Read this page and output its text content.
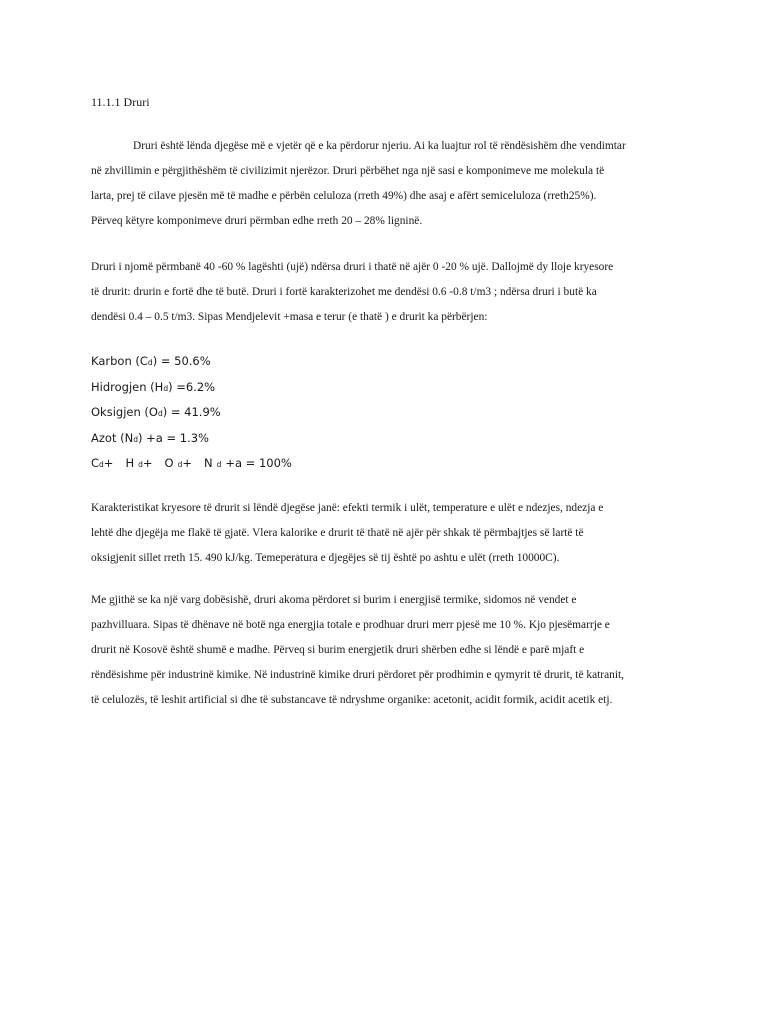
11.1.1 Druri

Druri është lënda djegëse më e vjetër që e ka përdorur njeriu. Ai ka luajtur rol të rëndësishëm dhe vendimtar
në zhvillimin e përgjithëshëm të civilizimit njerëzor. Druri përbëhet nga një sasi e komponimeve me molekula të
larta, prej të cilave pjesën më të madhe e përbën celuloza (rreth 49%) dhe asaj e afërt semiceluloza (rreth25%).
Përveq këtyre komponimeve druri përmban edhe rreth 20 – 28% ligninë.

Druri i njomë përmbanë 40 -60 % lagështi (ujë) ndërsa druri i thatë në ajër 0 -20 % ujë. Dallojmë dy lloje kryesore
të drurit: drurin e fortë dhe të butë. Druri i fortë karakterizohet me dendësi 0.6 -0.8 t/m3 ; ndërsa druri i butë ka
dendësi 0.4 – 0.5 t/m3. Sipas Mendjelevit +masa e terur (e thatë ) e drurit ka përbërjen:

Karbon (Cd) = 50.6%
Hidrogjen (Hd) =6.2%
Oksigjen (Od) = 41.9%
Azot (Nd) +a = 1.3%
Cd+ H d+ O d+ N d +a = 100%

Karakteristikat kryesore të drurit si lëndë djegëse janë: efekti termik i ulët, temperature e ulët e ndezjes, ndezja e
lehtë dhe djegëja me flakë të gjatë. Vlera kalorike e drurit të thatë në ajër për shkak të përmbajtjes së lartë të
oksigjenit sillet rreth 15. 490 kJ/kg. Temeperatura e djegëjes së tij është po ashtu e ulët (rreth 10000C).

Me gjithë se ka një varg dobësishë, druri akoma përdoret si burim i energjisë termike, sidomos në vendet e
pazhvilluara. Sipas të dhënave në botë nga energjia totale e prodhuar druri merr pjesë me 10 %. Kjo pjesëmarrje e
drurit në Kosovë është shumë e madhe. Përveq si burim energjetik druri shërben edhe si lëndë e parë mjaft e
rëndësishme për industrinë kimike. Në industrinë kimike druri përdoret për prodhimin e qymyrit të drurit, të katranit,
të celulozës, të leshit artificial si dhe të substancave të ndryshme organike: acetonit, acidit formik, acidit acetik etj.
